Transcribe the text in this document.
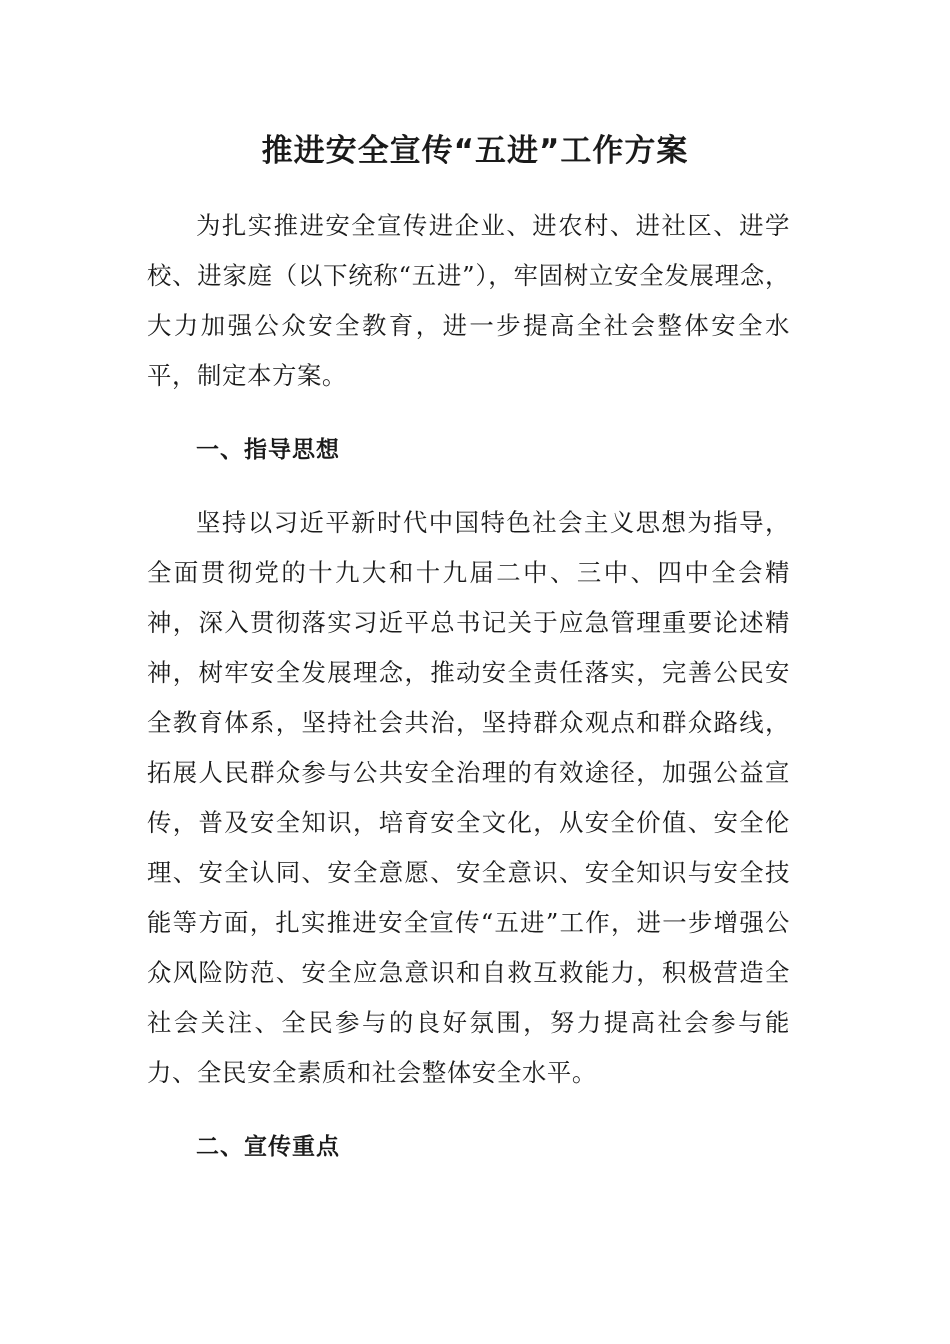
推进安全宣传“五进”工作方案

为扎实推进安全宣传进企业、进农村、进社区、进学校、进家庭（以下统称“五进”），牢固树立安全发展理念，大力加强公众安全教育，进一步提高全社会整体安全水平，制定本方案。

一、指导思想

坚持以习近平新时代中国特色社会主义思想为指导，全面贯彻党的十九大和十九届二中、三中、四中全会精神，深入贯彻落实习近平总书记关于应急管理重要论述精神，树牢安全发展理念，推动安全责任落实，完善公民安全教育体系，坚持社会共治，坚持群众观点和群众路线，拓展人民群众参与公共安全治理的有效途径，加强公益宣传，普及安全知识，培育安全文化，从安全价值、安全伦理、安全认同、安全意愿、安全意识、安全知识与安全技能等方面，扎实推进安全宣传“五进”工作，进一步增强公众风险防范、安全应急意识和自救互救能力，积极营造全社会关注、全民参与的良好氛围，努力提高社会参与能力、全民安全素质和社会整体安全水平。

二、宣传重点
